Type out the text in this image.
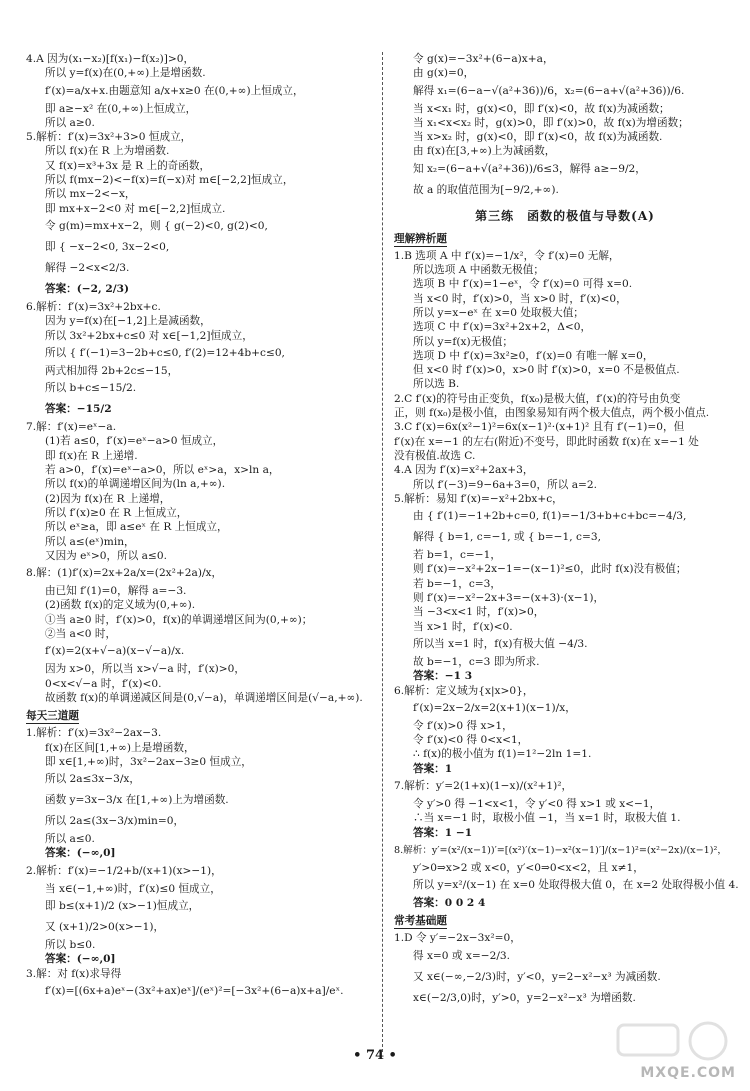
4.A 因为(x₁−x₂)[f(x₁)−f(x₂)]>0，
所以 y=f(x)在(0,+∞)上是增函数.
f′(x)=a/x+x.由题意知 a/x+x≥0 在(0,+∞)上恒成立，
即 a≥−x² 在(0,+∞)上恒成立，
所以 a≥0.
5.解析：f′(x)=3x²+3>0 恒成立，
所以 f(x)在 R 上为增函数.
又 f(x)=x³+3x 是 R 上的奇函数，
所以 f(mx−2)<−f(x)=f(−x)对 m∈[−2,2]恒成立，
所以 mx−2<−x，
即 mx+x−2<0 对 m∈[−2,2]恒成立.
令 g(m)=mx+x−2，则 { g(−2)<0, g(2)<0,
即 { −x−2<0, 3x−2<0,
解得 −2<x<2/3.
答案：(−2, 2/3)
6.解析：f′(x)=3x²+2bx+c.
因为 y=f(x)在[−1,2]上是减函数，
所以 3x²+2bx+c≤0 对 x∈[−1,2]恒成立，
所以 { f′(−1)=3−2b+c≤0, f′(2)=12+4b+c≤0,
两式相加得 2b+2c≤−15，
所以 b+c≤−15/2.
答案：−15/2
7.解：f′(x)=eˣ−a.
(1)若 a≤0，f′(x)=eˣ−a>0 恒成立，
即 f(x)在 R 上递增.
若 a>0，f′(x)=eˣ−a>0，所以 eˣ>a，x>ln a，
所以 f(x)的单调递增区间为(ln a,+∞).
(2)因为 f(x)在 R 上递增，
所以 f′(x)≥0 在 R 上恒成立，
所以 eˣ≥a，即 a≤eˣ 在 R 上恒成立，
所以 a≤(eˣ)min，
又因为 eˣ>0，所以 a≤0.
8.解：(1)f′(x)=2x+2a/x=(2x²+2a)/x，
由已知 f′(1)=0，解得 a=−3.
(2)函数 f(x)的定义域为(0,+∞).
①当 a≥0 时，f′(x)>0，f(x)的单调递增区间为(0,+∞)；
②当 a<0 时，
f′(x)=2(x+√−a)(x−√−a)/x.
因为 x>0，所以当 x>√−a 时，f′(x)>0，
0<x<√−a 时，f′(x)<0.
故函数 f(x)的单调递减区间是(0,√−a)，单调递增区间是(√−a,+∞).
每天三道题
1.解析：f′(x)=3x²−2ax−3.
f(x)在区间[1,+∞)上是增函数，
即 x∈[1,+∞)时，3x²−2ax−3≥0 恒成立，
所以 2a≤3x−3/x，
函数 y=3x−3/x 在[1,+∞)上为增函数.
所以 2a≤(3x−3/x)min=0，
所以 a≤0.
答案：(−∞,0]
2.解析：f′(x)=−1/2+b/(x+1)(x>−1)，
当 x∈(−1,+∞)时，f′(x)≤0 恒成立，
即 b≤(x+1)/2 (x>−1)恒成立，
又 (x+1)/2>0(x>−1)，
所以 b≤0.
答案：(−∞,0]
3.解：对 f(x)求导得
f′(x)=[(6x+a)eˣ−(3x²+ax)eˣ]/(eˣ)²=[−3x²+(6−a)x+a]/eˣ.
令 g(x)=−3x²+(6−a)x+a，
由 g(x)=0，
解得 x₁=(6−a−√(a²+36))/6，x₂=(6−a+√(a²+36))/6.
当 x<x₁ 时，g(x)<0，即 f′(x)<0，故 f(x)为减函数；
当 x₁<x<x₂ 时，g(x)>0，即 f′(x)>0，故 f(x)为增函数；
当 x>x₂ 时，g(x)<0，即 f′(x)<0，故 f(x)为减函数.
由 f(x)在[3,+∞)上为减函数，
知 x₂=(6−a+√(a²+36))/6≤3，解得 a≥−9/2，
故 a 的取值范围为[−9/2,+∞).
第三练　函数的极值与导数(A)
理解辨析题
1.B 选项 A 中 f′(x)=−1/x²，令 f′(x)=0 无解，
所以选项 A 中函数无极值；
选项 B 中 f′(x)=1−eˣ，令 f′(x)=0 可得 x=0.
当 x<0 时，f′(x)>0，当 x>0 时，f′(x)<0，
所以 y=x−eˣ 在 x=0 处取极大值；
选项 C 中 f′(x)=3x²+2x+2，Δ<0，
所以 y=f(x)无极值；
选项 D 中 f′(x)=3x²≥0，f′(x)=0 有唯一解 x=0，
但 x<0 时 f′(x)>0，x>0 时 f′(x)>0，x=0 不是极值点.
所以选 B.
2.C f′(x)的符号由正变负，f(x₀)是极大值，f′(x)的符号由负变
正，则 f(x₀)是极小值，由图象易知有两个极大值点，两个极小值点.
3.C f′(x)=6x(x²−1)²=6x(x−1)²·(x+1)² 且有 f′(−1)=0，但
f′(x)在 x=−1 的左右(附近)不变号，即此时函数 f(x)在 x=−1 处
没有极值.故选 C.
4.A 因为 f′(x)=x²+2ax+3，
所以 f′(−3)=9−6a+3=0，所以 a=2.
5.解析：易知 f′(x)=−x²+2bx+c，
由 { f′(1)=−1+2b+c=0, f(1)=−1/3+b+c+bc=−4/3,
解得 { b=1, c=−1, 或 { b=−1, c=3,
若 b=1，c=−1，
则 f′(x)=−x²+2x−1=−(x−1)²≤0，此时 f(x)没有极值；
若 b=−1，c=3，
则 f′(x)=−x²−2x+3=−(x+3)·(x−1)，
当 −3<x<1 时，f′(x)>0，
当 x>1 时，f′(x)<0.
所以当 x=1 时，f(x)有极大值 −4/3.
故 b=−1，c=3 即为所求.
答案：−1 3
6.解析：定义域为{x|x>0}，
f′(x)=2x−2/x=2(x+1)(x−1)/x，
令 f′(x)>0 得 x>1，
令 f′(x)<0 得 0<x<1，
∴ f(x)的极小值为 f(1)=1²−2ln 1=1.
答案：1
7.解析：y′=2(1+x)(1−x)/(x²+1)²，
令 y′>0 得 −1<x<1，令 y′<0 得 x>1 或 x<−1，
∴当 x=−1 时，取极小值 −1，当 x=1 时，取极大值 1.
答案：1 −1
8.解析：y′=(x²/(x−1))′=[(x²)′(x−1)−x²(x−1)′]/(x−1)²=(x²−2x)/(x−1)²，
y′>0⇒x>2 或 x<0，y′<0⇒0<x<2，且 x≠1，
所以 y=x²/(x−1) 在 x=0 处取得极大值 0，在 x=2 处取得极小值 4.
答案：0 0 2 4
常考基础题
1.D 令 y′=−2x−3x²=0，
得 x=0 或 x=−2/3.
又 x∈(−∞,−2/3)时，y′<0，y=2−x²−x³ 为减函数.
x∈(−2/3,0)时，y′>0，y=2−x²−x³ 为增函数.
• 74 •
MXQE.COM
